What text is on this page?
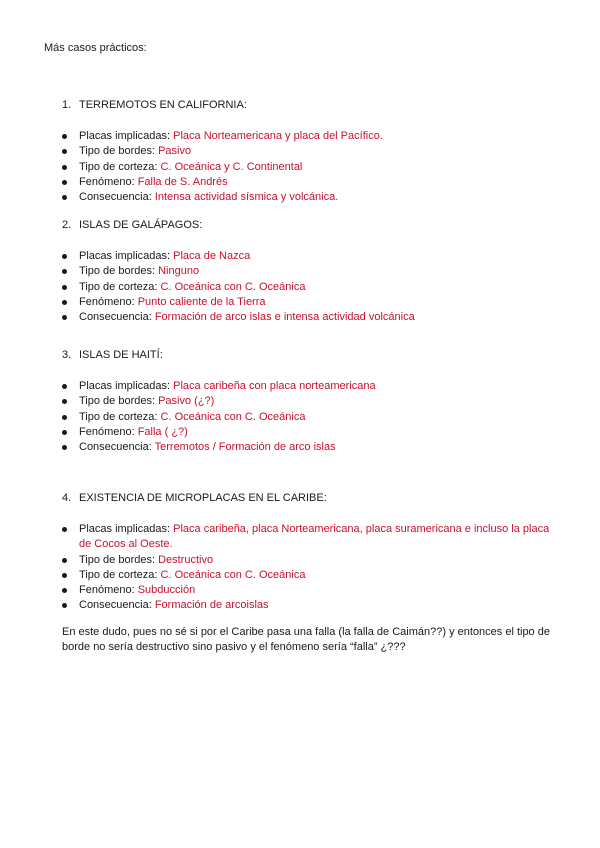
Más casos prácticos:
1. TERREMOTOS EN CALIFORNIA:
Placas implicadas: Placa Norteamericana y placa del Pacífico.
Tipo de bordes: Pasivo
Tipo de corteza: C. Oceánica y C. Continental
Fenómeno: Falla de S. Andrés
Consecuencia: Intensa actividad sísmica y volcánica.
2. ISLAS DE GALÁPAGOS:
Placas implicadas: Placa de Nazca
Tipo de bordes: Ninguno
Tipo de corteza: C. Oceánica con C. Oceánica
Fenómeno: Punto caliente de la Tierra
Consecuencia: Formación de arco islas e intensa actividad volcánica
3. ISLAS DE HAITÍ:
Placas implicadas: Placa caribeña con placa norteamericana
Tipo de bordes: Pasivo (¿?)
Tipo de corteza: C. Oceánica con C. Oceánica
Fenómeno: Falla ( ¿?)
Consecuencia: Terremotos / Formación de arco islas
4. EXISTENCIA DE MICROPLACAS EN EL CARIBE:
Placas implicadas: Placa caribeña, placa Norteamericana, placa suramericana e incluso la placa de Cocos al Oeste.
Tipo de bordes: Destructivo
Tipo de corteza: C. Oceánica con C. Oceánica
Fenómeno: Subducción
Consecuencia: Formación de arcoislas
En este dudo, pues no sé si por el Caribe pasa una falla (la falla de Caimán??) y entonces el tipo de borde no sería destructivo sino pasivo y el fenómeno sería “falla” ¿???
